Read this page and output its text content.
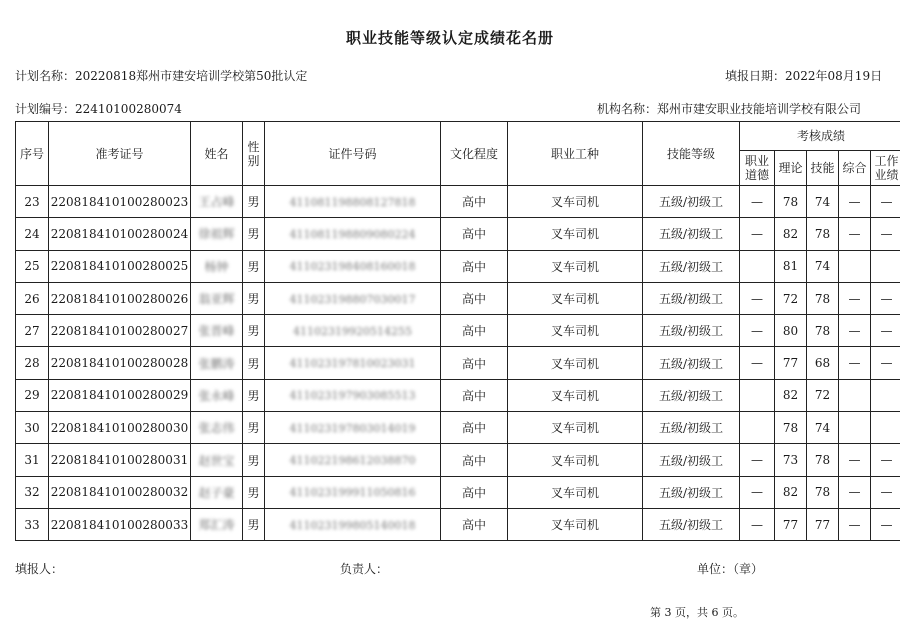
职业技能等级认定成绩花名册
计划名称：20220818郑州市建安培训学校第50批认定	填报日期：2022年08月19日
计划编号：22410100280074	机构名称：郑州市建安职业技能培训学校有限公司
序号	准考证号	姓名	性别	证件号码	文化程度	职业工种	技能等级	考核成绩				
								职业道德	理论	技能	综合	工作业绩
23	220818410100280023	王占峰	男	411081198808127818	高中	叉车司机	五级/初级工	—	78	74	—	—
24	220818410100280024	徐祖辉	男	411081198809080224	高中	叉车司机	五级/初级工	—	82	78	—	—
25	220818410100280025	杨钟	男	411023198408160018	高中	叉车司机	五级/初级工		81	74		
26	220818410100280026	翁亚辉	男	411023198807030017	高中	叉车司机	五级/初级工	—	72	78	—	—
27	220818410100280027	张晋峰	男	41102319920514255	高中	叉车司机	五级/初级工	—	80	78	—	—
28	220818410100280028	张鹏涛	男	411023197810023031	高中	叉车司机	五级/初级工	—	77	68	—	—
29	220818410100280029	张永峰	男	411023197903085513	高中	叉车司机	五级/初级工		82	72		
30	220818410100280030	张志伟	男	411023197803014019	高中	叉车司机	五级/初级工		78	74		
31	220818410100280031	赵世宝	男	411022198612038870	高中	叉车司机	五级/初级工	—	73	78	—	—
32	220818410100280032	赵子豪	男	411023199911050816	高中	叉车司机	五级/初级工	—	82	78	—	—
33	220818410100280033	郑汇涛	男	411023199805140018	高中	叉车司机	五级/初级工	—	77	77	—	—
填报人：	负责人：	单位：（章）
第 3 页，共 6 页。
